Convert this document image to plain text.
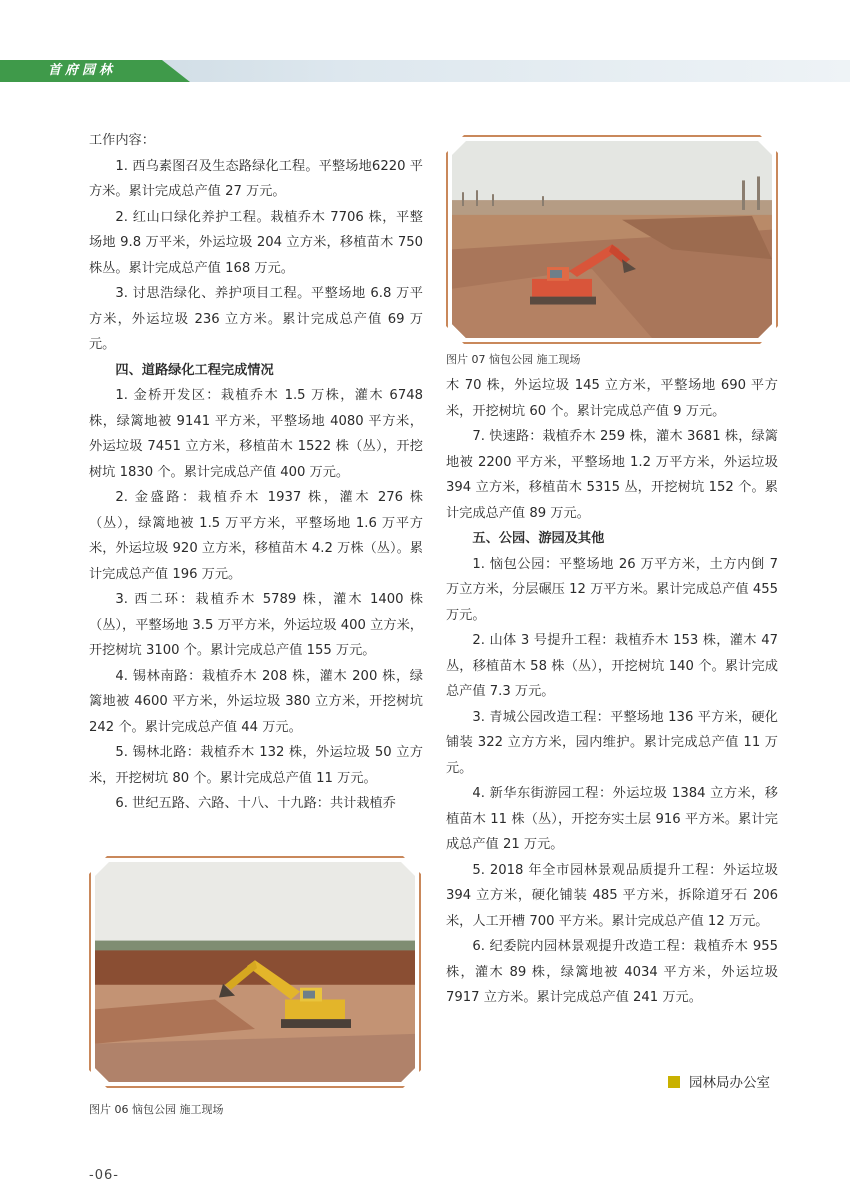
首府园林

工作内容：

1. 西乌素图召及生态路绿化工程。平整场地6220 平方米。累计完成总产值 27 万元。

2. 红山口绿化养护工程。栽植乔木 7706 株，平整场地 9.8 万平米，外运垃圾 204 立方米，移植苗木 750 株丛。累计完成总产值 168 万元。

3. 讨思浩绿化、养护项目工程。平整场地 6.8 万平方米，外运垃圾 236 立方米。累计完成总产值 69 万元。

四、道路绿化工程完成情况

1. 金桥开发区：栽植乔木 1.5 万株，灌木 6748 株，绿篱地被 9141 平方米，平整场地 4080 平方米，外运垃圾 7451 立方米，移植苗木 1522 株（丛），开挖树坑 1830 个。累计完成总产值 400 万元。

2. 金盛路：栽植乔木 1937 株，灌木 276 株（丛），绿篱地被 1.5 万平方米，平整场地 1.6 万平方米，外运垃圾 920 立方米，移植苗木 4.2 万株（丛）。累计完成总产值 196 万元。

3. 西二环：栽植乔木 5789 株，灌木 1400 株（丛），平整场地 3.5 万平方米，外运垃圾 400 立方米，开挖树坑 3100 个。累计完成总产值 155 万元。

4. 锡林南路：栽植乔木 208 株，灌木 200 株，绿篱地被 4600 平方米，外运垃圾 380 立方米，开挖树坑 242 个。累计完成总产值 44 万元。

5. 锡林北路：栽植乔木 132 株，外运垃圾 50 立方米，开挖树坑 80 个。累计完成总产值 11 万元。

6. 世纪五路、六路、十八、十九路：共计栽植乔

木 70 株，外运垃圾 145 立方米，平整场地 690 平方米，开挖树坑 60 个。累计完成总产值 9 万元。

7. 快速路：栽植乔木 259 株，灌木 3681 株，绿篱地被 2200 平方米，平整场地 1.2 万平方米，外运垃圾 394 立方米，移植苗木 5315 丛，开挖树坑 152 个。累计完成总产值 89 万元。

五、公园、游园及其他

1. 恼包公园：平整场地 26 万平方米，土方内倒 7 万立方米，分层碾压 12 万平方米。累计完成总产值 455 万元。

2. 山体 3 号提升工程：栽植乔木 153 株，灌木 47 丛，移植苗木 58 株（丛），开挖树坑 140 个。累计完成总产值 7.3 万元。

3. 青城公园改造工程：平整场地 136 平方米，硬化铺装 322 立方方米，园内维护。累计完成总产值 11 万元。

4. 新华东街游园工程：外运垃圾 1384 立方米，移植苗木 11 株（丛），开挖夯实土层 916 平方米。累计完成总产值 21 万元。

5. 2018 年全市园林景观品质提升工程：外运垃圾 394 立方米，硬化铺装 485 平方米，拆除道牙石 206 米，人工开槽 700 平方米。累计完成总产值 12 万元。

6. 纪委院内园林景观提升改造工程：栽植乔木 955 株，灌木 89 株，绿篱地被 4034 平方米，外运垃圾 7917 立方米。累计完成总产值 241 万元。

图片 07 恼包公园 施工现场
图片 06 恼包公园 施工现场
园林局办公室
-06-
